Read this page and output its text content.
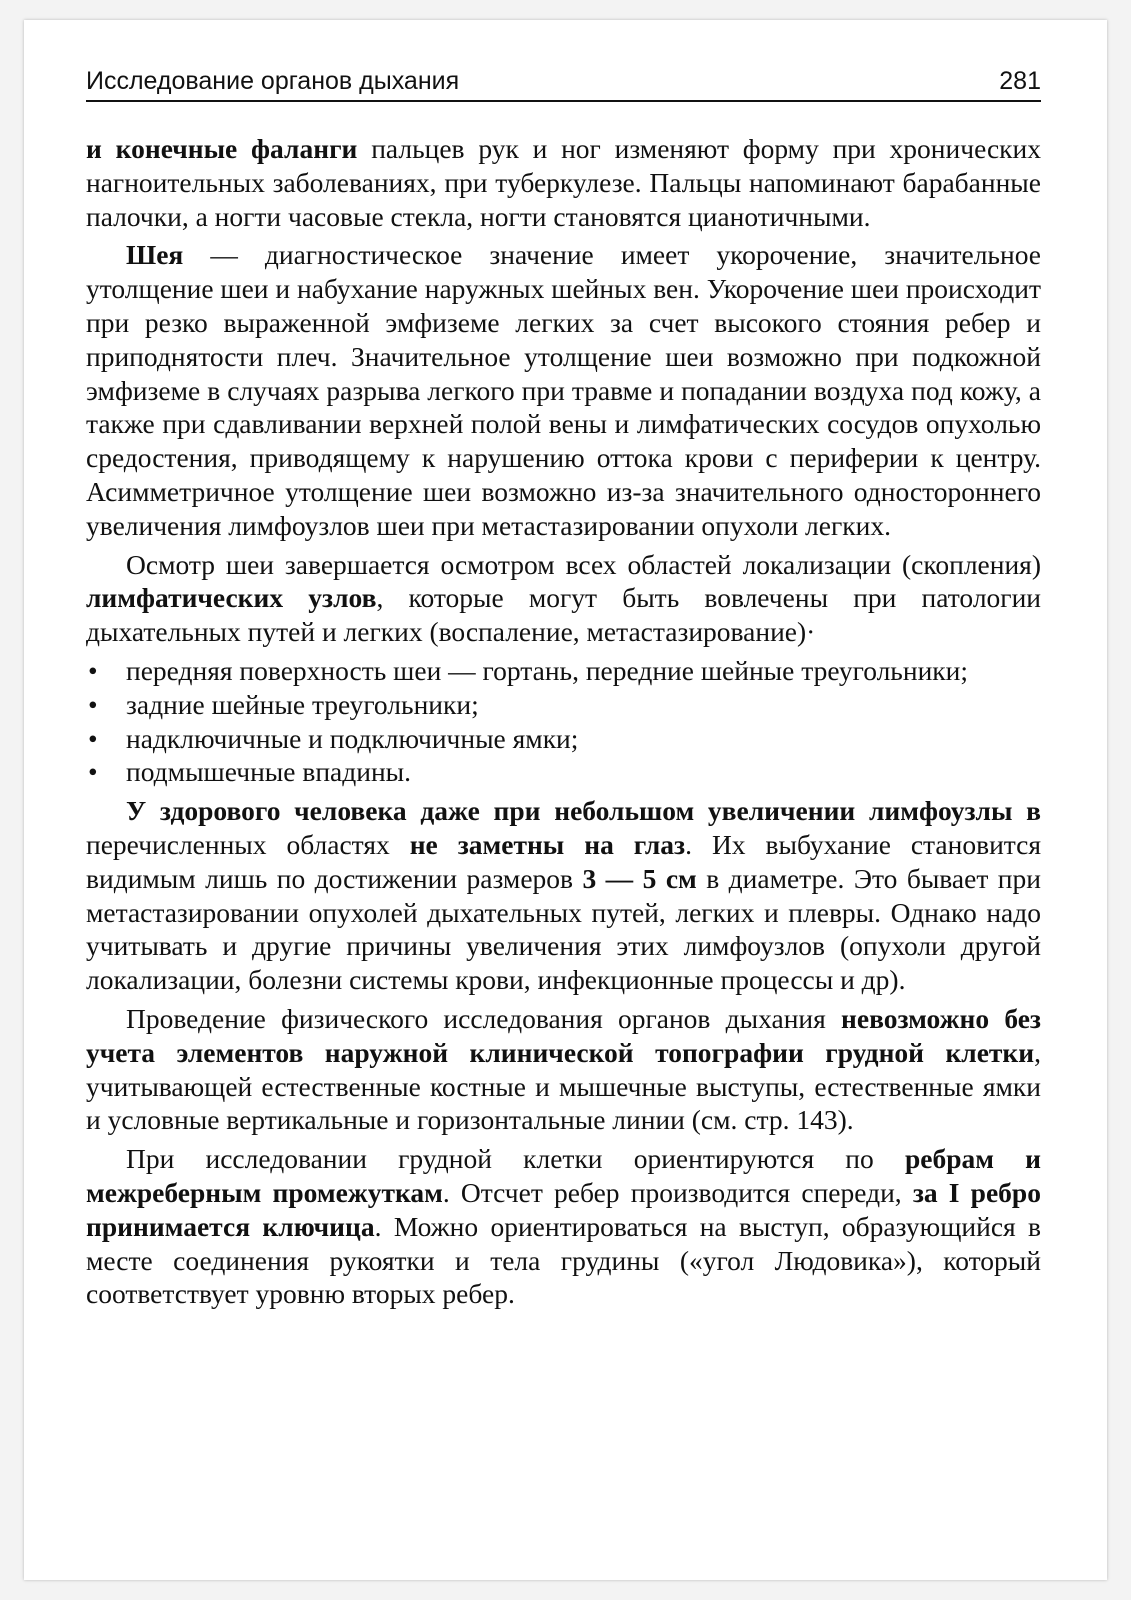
Исследование органов дыхания	281

и конечные фаланги пальцев рук и ног изменяют форму при хронических нагноительных заболеваниях, при туберкулезе. Пальцы напоминают барабанные палочки, а ногти часовые стекла, ногти становятся цианотичными.

Шея — диагностическое значение имеет укорочение, значительное утолщение шеи и набухание наружных шейных вен. Укорочение шеи происходит при резко выраженной эмфиземе легких за счет высокого стояния ребер и приподнятости плеч. Значительное утолщение шеи возможно при подкожной эмфиземе в случаях разрыва легкого при травме и попадании воздуха под кожу, а также при сдавливании верхней полой вены и лимфатических сосудов опухолью средостения, приводящему к нарушению оттока крови с периферии к центру. Асимметричное утолщение шеи возможно из-за значительного одностороннего увеличения лимфоузлов шеи при метастазировании опухоли легких.

Осмотр шеи завершается осмотром всех областей локализации (скопления) лимфатических узлов, которые могут быть вовлечены при патологии дыхательных путей и легких (воспаление, метастазирование)·

• передняя поверхность шеи — гортань, передние шейные треугольники;
• задние шейные треугольники;
• надключичные и подключичные ямки;
• подмышечные впадины.

У здорового человека даже при небольшом увеличении лимфоузлы в перечисленных областях не заметны на глаз. Их выбухание становится видимым лишь по достижении размеров 3 — 5 см в диаметре. Это бывает при метастазировании опухолей дыхательных путей, легких и плевры. Однако надо учитывать и другие причины увеличения этих лимфоузлов (опухоли другой локализации, болезни системы крови, инфекционные процессы и др).

Проведение физического исследования органов дыхания невозможно без учета элементов наружной клинической топографии грудной клетки, учитывающей естественные костные и мышечные выступы, естественные ямки и условные вертикальные и горизонтальные линии (см. стр. 143).

При исследовании грудной клетки ориентируются по ребрам и межреберным промежуткам. Отсчет ребер производится спереди, за I ребро принимается ключица. Можно ориентироваться на выступ, образующийся в месте соединения рукоятки и тела грудины («угол Людовика»), который соответствует уровню вторых ребер.
